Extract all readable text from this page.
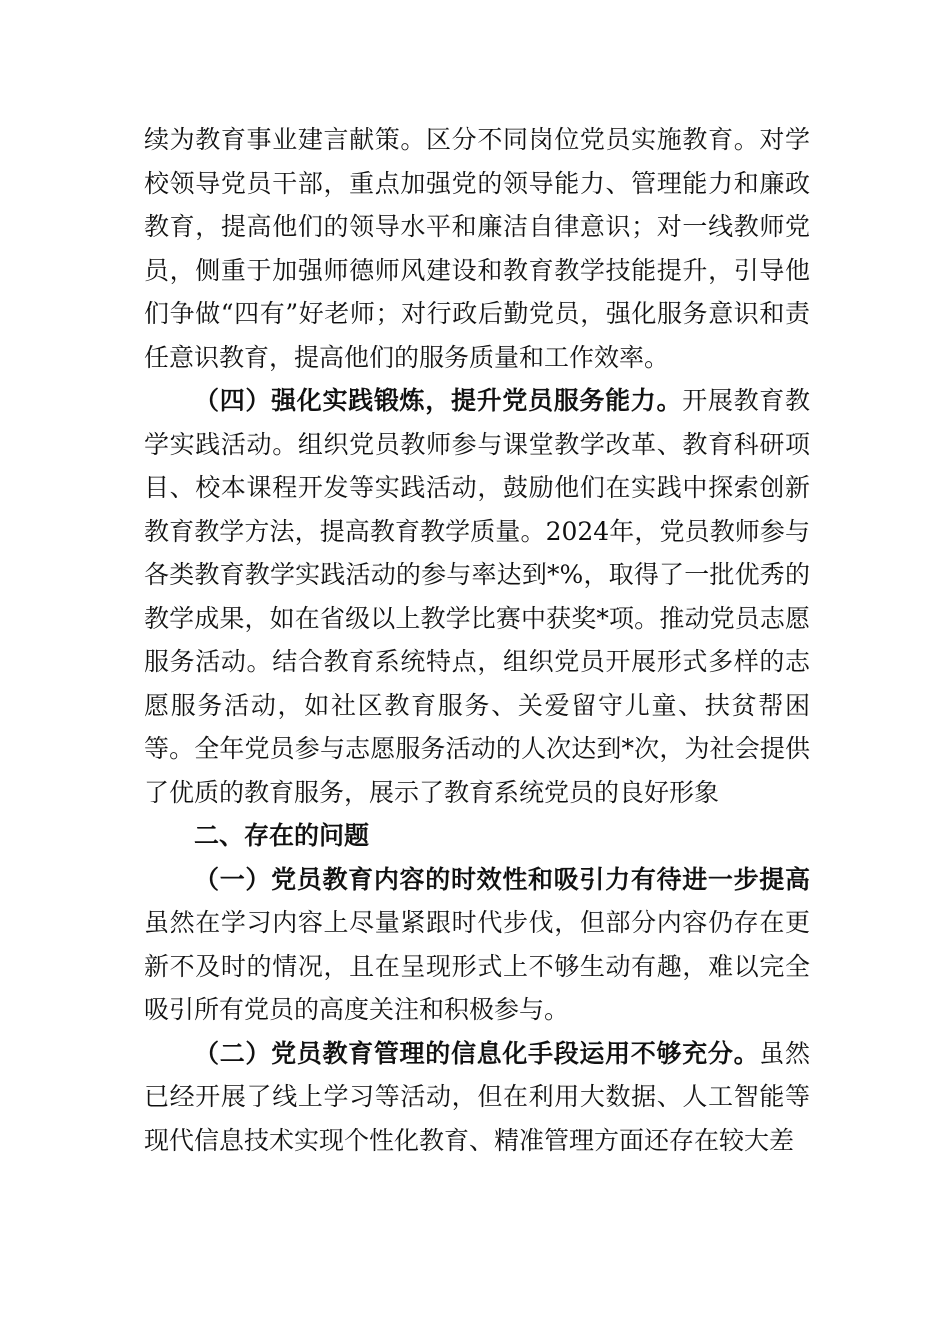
续为教育事业建言献策。区分不同岗位党员实施教育。对学校领导党员干部，重点加强党的领导能力、管理能力和廉政教育，提高他们的领导水平和廉洁自律意识；对一线教师党员，侧重于加强师德师风建设和教育教学技能提升，引导他们争做“四有”好老师；对行政后勤党员，强化服务意识和责任意识教育，提高他们的服务质量和工作效率。

（四）强化实践锻炼，提升党员服务能力。开展教育教学实践活动。组织党员教师参与课堂教学改革、教育科研项目、校本课程开发等实践活动，鼓励他们在实践中探索创新教育教学方法，提高教育教学质量。2024年，党员教师参与各类教育教学实践活动的参与率达到*%，取得了一批优秀的教学成果，如在省级以上教学比赛中获奖*项。推动党员志愿服务活动。结合教育系统特点，组织党员开展形式多样的志愿服务活动，如社区教育服务、关爱留守儿童、扶贫帮困等。全年党员参与志愿服务活动的人次达到*次，为社会提供了优质的教育服务，展示了教育系统党员的良好形象

二、存在的问题

（一）党员教育内容的时效性和吸引力有待进一步提高虽然在学习内容上尽量紧跟时代步伐，但部分内容仍存在更新不及时的情况，且在呈现形式上不够生动有趣，难以完全吸引所有党员的高度关注和积极参与。

（二）党员教育管理的信息化手段运用不够充分。虽然已经开展了线上学习等活动，但在利用大数据、人工智能等现代信息技术实现个性化教育、精准管理方面还存在较大差
